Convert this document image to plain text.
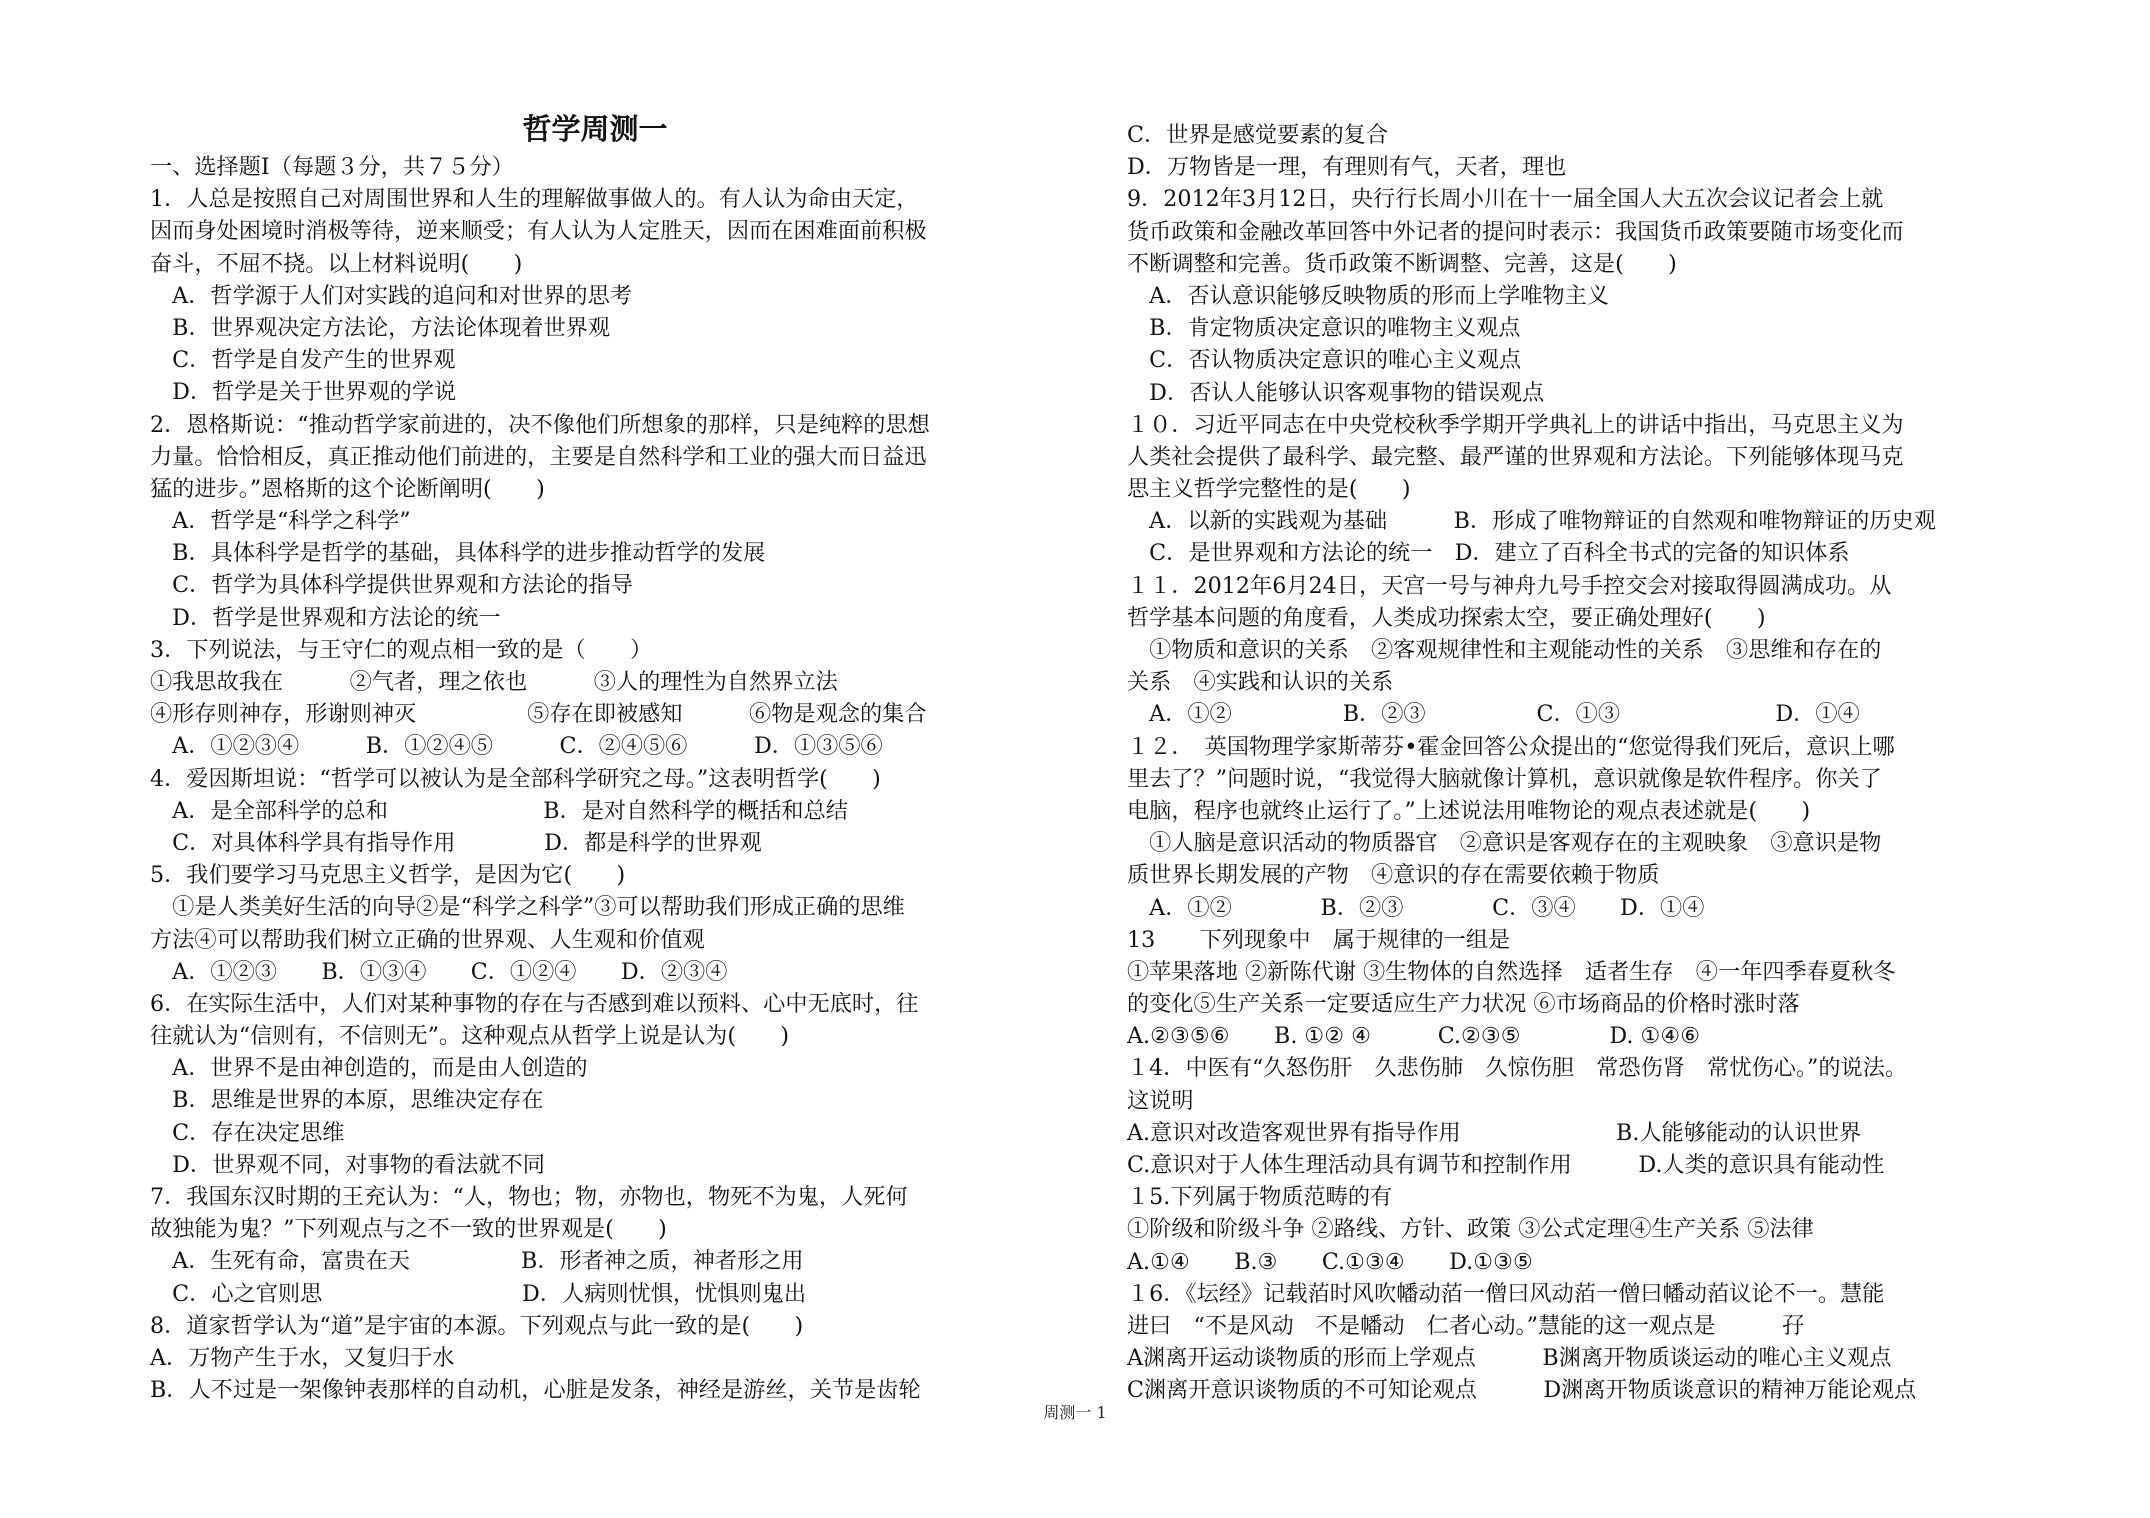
哲学周测一
一、选择题Ⅰ（每题３分，共７５分）
1．人总是按照自己对周围世界和人生的理解做事做人的。有人认为命由天定，
因而身处困境时消极等待，逆来顺受；有人认为人定胜天，因而在困难面前积极
奋斗，不屈不挠。以上材料说明(　　)
　A．哲学源于人们对实践的追问和对世界的思考
　B．世界观决定方法论，方法论体现着世界观
　C．哲学是自发产生的世界观
　D．哲学是关于世界观的学说
2．恩格斯说：“推动哲学家前进的，决不像他们所想象的那样，只是纯粹的思想
力量。恰恰相反，真正推动他们前进的，主要是自然科学和工业的强大而日益迅
猛的进步。”恩格斯的这个论断阐明(　　)
　A．哲学是“科学之科学”
　B．具体科学是哲学的基础，具体科学的进步推动哲学的发展
　C．哲学为具体科学提供世界观和方法论的指导
　D．哲学是世界观和方法论的统一
3．下列说法，与王守仁的观点相一致的是（　　）
①我思故我在　　　②气者，理之依也　　　③人的理性为自然界立法
④形存则神存，形谢则神灭　　　　　⑤存在即被感知　　　⑥物是观念的集合
　A．①②③④　　　B．①②④⑤　　　C．②④⑤⑥　　　D．①③⑤⑥
4．爱因斯坦说：“哲学可以被认为是全部科学研究之母。”这表明哲学(　　)
　A．是全部科学的总和　　　　　　　B．是对自然科学的概括和总结
　C．对具体科学具有指导作用　　　　D．都是科学的世界观
5．我们要学习马克思主义哲学，是因为它(　　)
　①是人类美好生活的向导②是“科学之科学”③可以帮助我们形成正确的思维
方法④可以帮助我们树立正确的世界观、人生观和价值观
　A．①②③　　B．①③④　　C．①②④　　D．②③④
6．在实际生活中，人们对某种事物的存在与否感到难以预料、心中无底时，往
往就认为“信则有，不信则无”。这种观点从哲学上说是认为(　　)
　A．世界不是由神创造的，而是由人创造的
　B．思维是世界的本原，思维决定存在
　C．存在决定思维
　D．世界观不同，对事物的看法就不同
7．我国东汉时期的王充认为：“人，物也；物，亦物也，物死不为鬼，人死何
故独能为鬼？”下列观点与之不一致的世界观是(　　)
　A．生死有命，富贵在天　　　　　B．形者神之质，神者形之用
　C．心之官则思　　　　　　　　　D．人病则忧惧，忧惧则鬼出
8．道家哲学认为“道”是宇宙的本源。下列观点与此一致的是(　　)
A．万物产生于水，又复归于水
B．人不过是一架像钟表那样的自动机，心脏是发条，神经是游丝，关节是齿轮
C．世界是感觉要素的复合
D．万物皆是一理，有理则有气，天者，理也
9．2012年3月12日，央行行长周小川在十一届全国人大五次会议记者会上就
货币政策和金融改革回答中外记者的提问时表示：我国货币政策要随市场变化而
不断调整和完善。货币政策不断调整、完善，这是(　　)
　A．否认意识能够反映物质的形而上学唯物主义
　B．肯定物质决定意识的唯物主义观点
　C．否认物质决定意识的唯心主义观点
　D．否认人能够认识客观事物的错误观点
１０．习近平同志在中央党校秋季学期开学典礼上的讲话中指出，马克思主义为
人类社会提供了最科学、最完整、最严谨的世界观和方法论。下列能够体现马克
思主义哲学完整性的是(　　)
　A．以新的实践观为基础　　　B．形成了唯物辩证的自然观和唯物辩证的历史观
　C．是世界观和方法论的统一　D．建立了百科全书式的完备的知识体系
１１．2012年6月24日，天宫一号与神舟九号手控交会对接取得圆满成功。从
哲学基本问题的角度看，人类成功探索太空，要正确处理好(　　)
　①物质和意识的关系　②客观规律性和主观能动性的关系　③思维和存在的
关系　④实践和认识的关系
　A．①②　　　　　B．②③　　　　　C．①③　　　　　　　D．①④
１２．　英国物理学家斯蒂芬•霍金回答公众提出的“您觉得我们死后，意识上哪
里去了？”问题时说，“我觉得大脑就像计算机，意识就像是软件程序。你关了
电脑，程序也就终止运行了。”上述说法用唯物论的观点表述就是(　　)
　①人脑是意识活动的物质器官　②意识是客观存在的主观映象　③意识是物
质世界长期发展的产物　④意识的存在需要依赖于物质
　A．①②　　　　B．②③　　　　C．③④　　D．①④
13　　下列现象中　属于规律的一组是
①苹果落地 ②新陈代谢 ③生物体的自然选择　适者生存　④一年四季春夏秋冬
的变化⑤生产关系一定要适应生产力状况 ⑥市场商品的价格时涨时落
A.②③⑤⑥　　B. ①② ④　　　C.②③⑤　　　　D. ①④⑥
１4．中医有“久怒伤肝　久悲伤肺　久惊伤胆　常恐伤肾　常忧伤心。”的说法。
这说明
A.意识对改造客观世界有指导作用　　　　　　　B.人能够能动的认识世界
C.意识对于人体生理活动具有调节和控制作用　　　D.人类的意识具有能动性
１5.下列属于物质范畴的有
①阶级和阶级斗争 ②路线、方针、政策 ③公式定理④生产关系 ⑤法律
A.①④　　B.③　　C.①③④　　D.①③⑤
１6．《坛经》记载萡时风吹幡动萡一僧曰风动萡一僧曰幡动萡议论不一。慧能
进曰　“不是风动　不是幡动　仁者心动。”慧能的这一观点是　　　孖
A渊离开运动谈物质的形而上学观点　　　B渊离开物质谈运动的唯心主义观点
C渊离开意识谈物质的不可知论观点　　　D渊离开物质谈意识的精神万能论观点
周测一 1
